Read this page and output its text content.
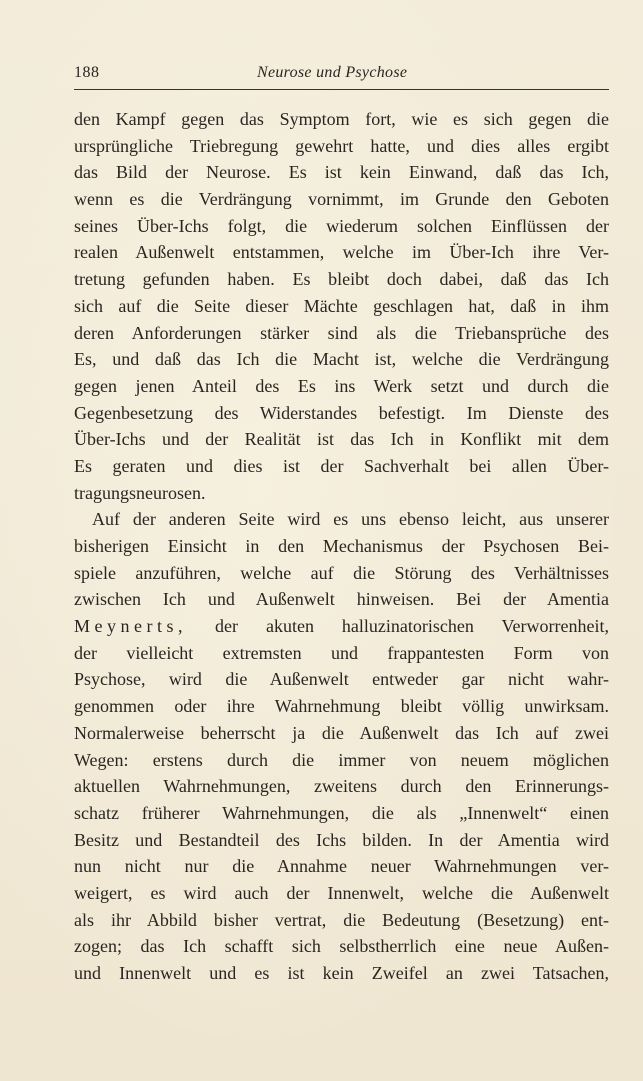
188	Neurose und Psychose
den Kampf gegen das Symptom fort, wie es sich gegen die
ursprüngliche Triebregung gewehrt hatte, und dies alles ergibt
das Bild der Neurose. Es ist kein Einwand, daß das Ich,
wenn es die Verdrängung vornimmt, im Grunde den Geboten
seines Über-Ichs folgt, die wiederum solchen Einflüssen der
realen Außenwelt entstammen, welche im Über-Ich ihre Ver-
tretung gefunden haben. Es bleibt doch dabei, daß das Ich
sich auf die Seite dieser Mächte geschlagen hat, daß in ihm
deren Anforderungen stärker sind als die Triebansprüche des
Es, und daß das Ich die Macht ist, welche die Verdrängung
gegen jenen Anteil des Es ins Werk setzt und durch die
Gegenbesetzung des Widerstandes befestigt. Im Dienste des
Über-Ichs und der Realität ist das Ich in Konflikt mit dem
Es geraten und dies ist der Sachverhalt bei allen Über-
tragungsneurosen.
Auf der anderen Seite wird es uns ebenso leicht, aus unserer
bisherigen Einsicht in den Mechanismus der Psychosen Bei-
spiele anzuführen, welche auf die Störung des Verhältnisses
zwischen Ich und Außenwelt hinweisen. Bei der Amentia
Meynerts, der akuten halluzinatorischen Verworrenheit,
der vielleicht extremsten und frappantesten Form von
Psychose, wird die Außenwelt entweder gar nicht wahr-
genommen oder ihre Wahrnehmung bleibt völlig unwirksam.
Normalerweise beherrscht ja die Außenwelt das Ich auf zwei
Wegen: erstens durch die immer von neuem möglichen
aktuellen Wahrnehmungen, zweitens durch den Erinnerungs-
schatz früherer Wahrnehmungen, die als „Innenwelt“ einen
Besitz und Bestandteil des Ichs bilden. In der Amentia wird
nun nicht nur die Annahme neuer Wahrnehmungen ver-
weigert, es wird auch der Innenwelt, welche die Außenwelt
als ihr Abbild bisher vertrat, die Bedeutung (Besetzung) ent-
zogen; das Ich schafft sich selbstherrlich eine neue Außen-
und Innenwelt und es ist kein Zweifel an zwei Tatsachen,
